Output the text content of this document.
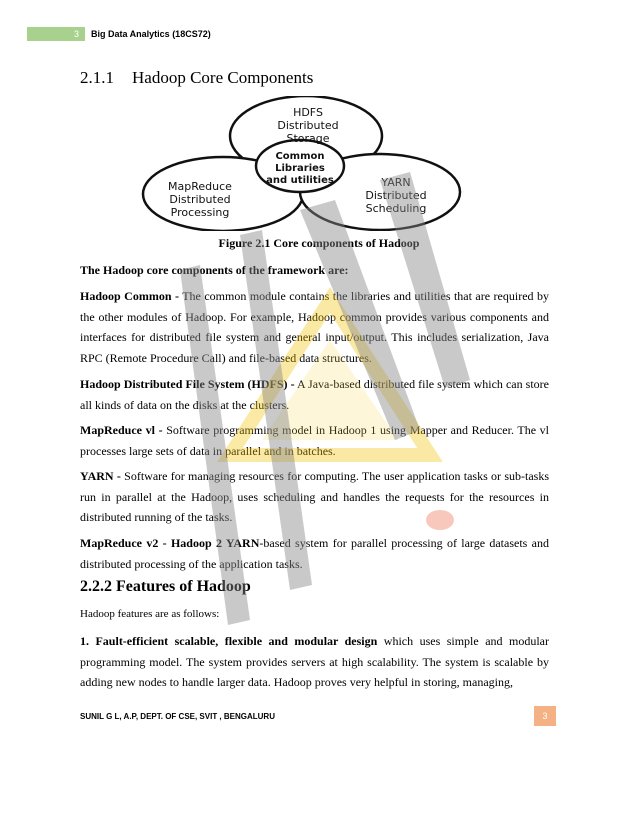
3	Big Data Analytics (18CS72)
2.1.1 Hadoop Core Components
HDFS
Distributed
Storage
MapReduce
Distributed
Processing
YARN
Distributed
Scheduling
Common
Libraries
and utilities
Figure 2.1 Core components of Hadoop
The Hadoop core components of the framework are:
Hadoop Common - The common module contains the libraries and utilities that are required by the other modules of Hadoop. For example, Hadoop common provides various components and interfaces for distributed file system and general input/output. This includes serialization, Java RPC (Remote Procedure Call) and file-based data structures.
Hadoop Distributed File System (HDFS) - A Java-based distributed file system which can store all kinds of data on the disks at the clusters.
MapReduce vl - Software programming model in Hadoop 1 using Mapper and Reducer. The vl processes large sets of data in parallel and in batches.
YARN - Software for managing resources for computing. The user application tasks or sub-tasks run in parallel at the Hadoop, uses scheduling and handles the requests for the resources in distributed running of the tasks.
MapReduce v2 - Hadoop 2 YARN-based system for parallel processing of large datasets and distributed processing of the application tasks.
2.2.2 Features of Hadoop
Hadoop features are as follows:
1. Fault-efficient scalable, flexible and modular design which uses simple and modular programming model. The system provides servers at high scalability. The system is scalable by adding new nodes to handle larger data. Hadoop proves very helpful in storing, managing,
SUNIL G L, A.P, DEPT. OF CSE, SVIT , BENGALURU	3
